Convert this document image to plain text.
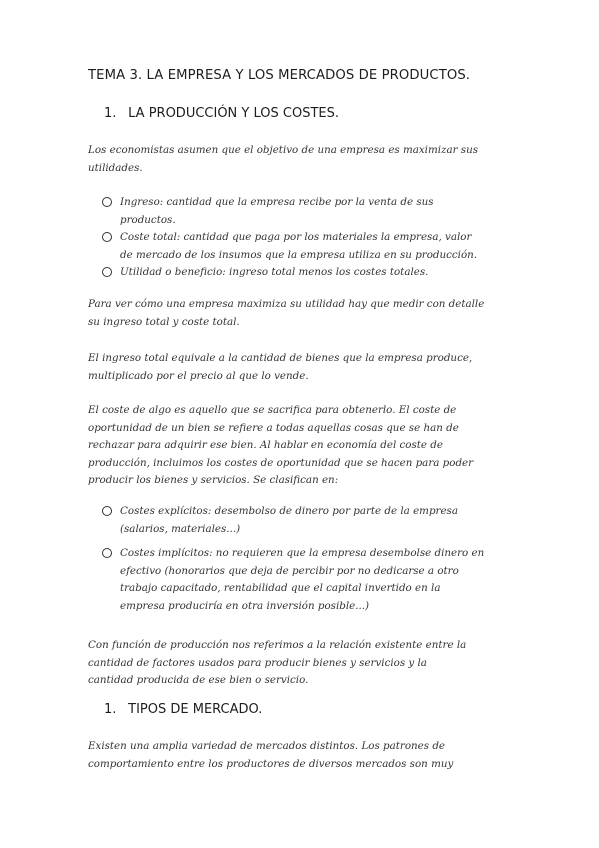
TEMA 3. LA EMPRESA Y LOS MERCADOS DE PRODUCTOS.
1. LA PRODUCCIÓN Y LOS COSTES.
Los economistas asumen que el objetivo de una empresa es maximizar sus
utilidades.
Ingreso: cantidad que la empresa recibe por la venta de sus
productos.
Coste total: cantidad que paga por los materiales la empresa, valor
de mercado de los insumos que la empresa utiliza en su producción.
Utilidad o beneficio: ingreso total menos los costes totales.
Para ver cómo una empresa maximiza su utilidad hay que medir con detalle
su ingreso total y coste total.
El ingreso total equivale a la cantidad de bienes que la empresa produce,
multiplicado por el precio al que lo vende.
El coste de algo es aquello que se sacrifica para obtenerlo. El coste de
oportunidad de un bien se refiere a todas aquellas cosas que se han de
rechazar para adquirir ese bien. Al hablar en economía del coste de
producción, incluimos los costes de oportunidad que se hacen para poder
producir los bienes y servicios. Se clasifican en:
Costes explícitos: desembolso de dinero por parte de la empresa
(salarios, materiales...)
Costes implícitos: no requieren que la empresa desembolse dinero en
efectivo (honorarios que deja de percibir por no dedicarse a otro
trabajo capacitado, rentabilidad que el capital invertido en la
empresa produciría en otra inversión posible...)
Con función de producción nos referimos a la relación existente entre la
cantidad de factores usados para producir bienes y servicios y la
cantidad producida de ese bien o servicio.
1. TIPOS DE MERCADO.
Existen una amplia variedad de mercados distintos. Los patrones de
comportamiento entre los productores de diversos mercados son muy
